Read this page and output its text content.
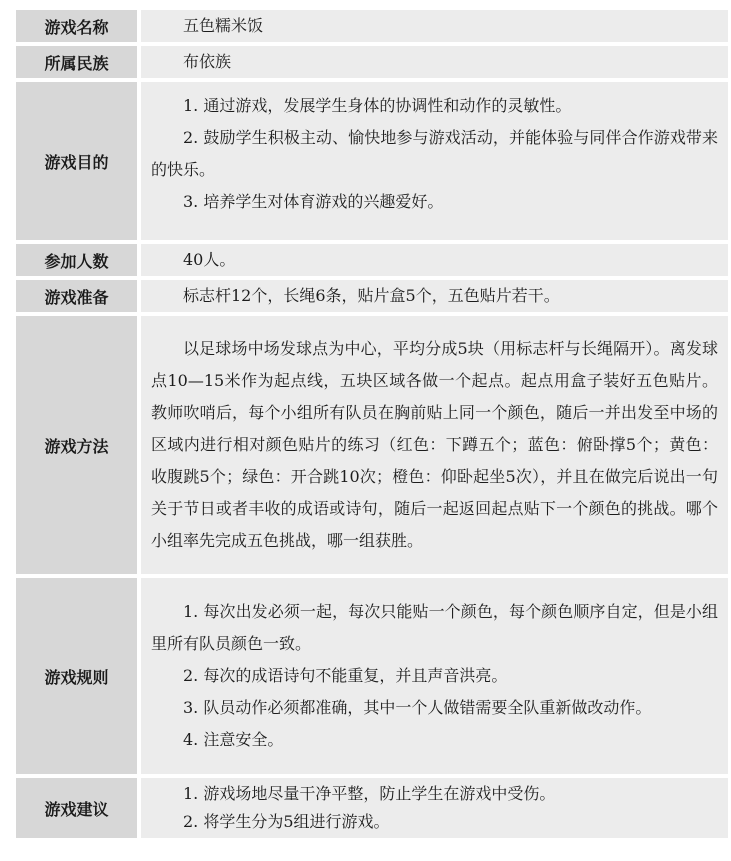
游戏名称		五色糯米饭

所属民族		布依族

游戏目的		1. 通过游戏，发展学生身体的协调性和动作的灵敏性。

2. 鼓励学生积极主动、愉快地参与游戏活动，并能体验与同伴合作游戏带来的快乐。

3. 培养学生对体育游戏的兴趣爱好。

参加人数		40人。

游戏准备		标志杆12个，长绳6条，贴片盒5个，五色贴片若干。

游戏方法		以足球场中场发球点为中心，平均分成5块（用标志杆与长绳隔开）。离发球点10—15米作为起点线，五块区域各做一个起点。起点用盒子装好五色贴片。教师吹哨后，每个小组所有队员在胸前贴上同一个颜色，随后一并出发至中场的区域内进行相对颜色贴片的练习（红色：下蹲五个；蓝色：俯卧撑5个；黄色：收腹跳5个；绿色：开合跳10次；橙色：仰卧起坐5次），并且在做完后说出一句关于节日或者丰收的成语或诗句，随后一起返回起点贴下一个颜色的挑战。哪个小组率先完成五色挑战，哪一组获胜。

游戏规则		1. 每次出发必须一起，每次只能贴一个颜色，每个颜色顺序自定，但是小组里所有队员颜色一致。

2. 每次的成语诗句不能重复，并且声音洪亮。

3. 队员动作必须都准确，其中一个人做错需要全队重新做改动作。

4. 注意安全。

游戏建议		1. 游戏场地尽量干净平整，防止学生在游戏中受伤。

2. 将学生分为5组进行游戏。
